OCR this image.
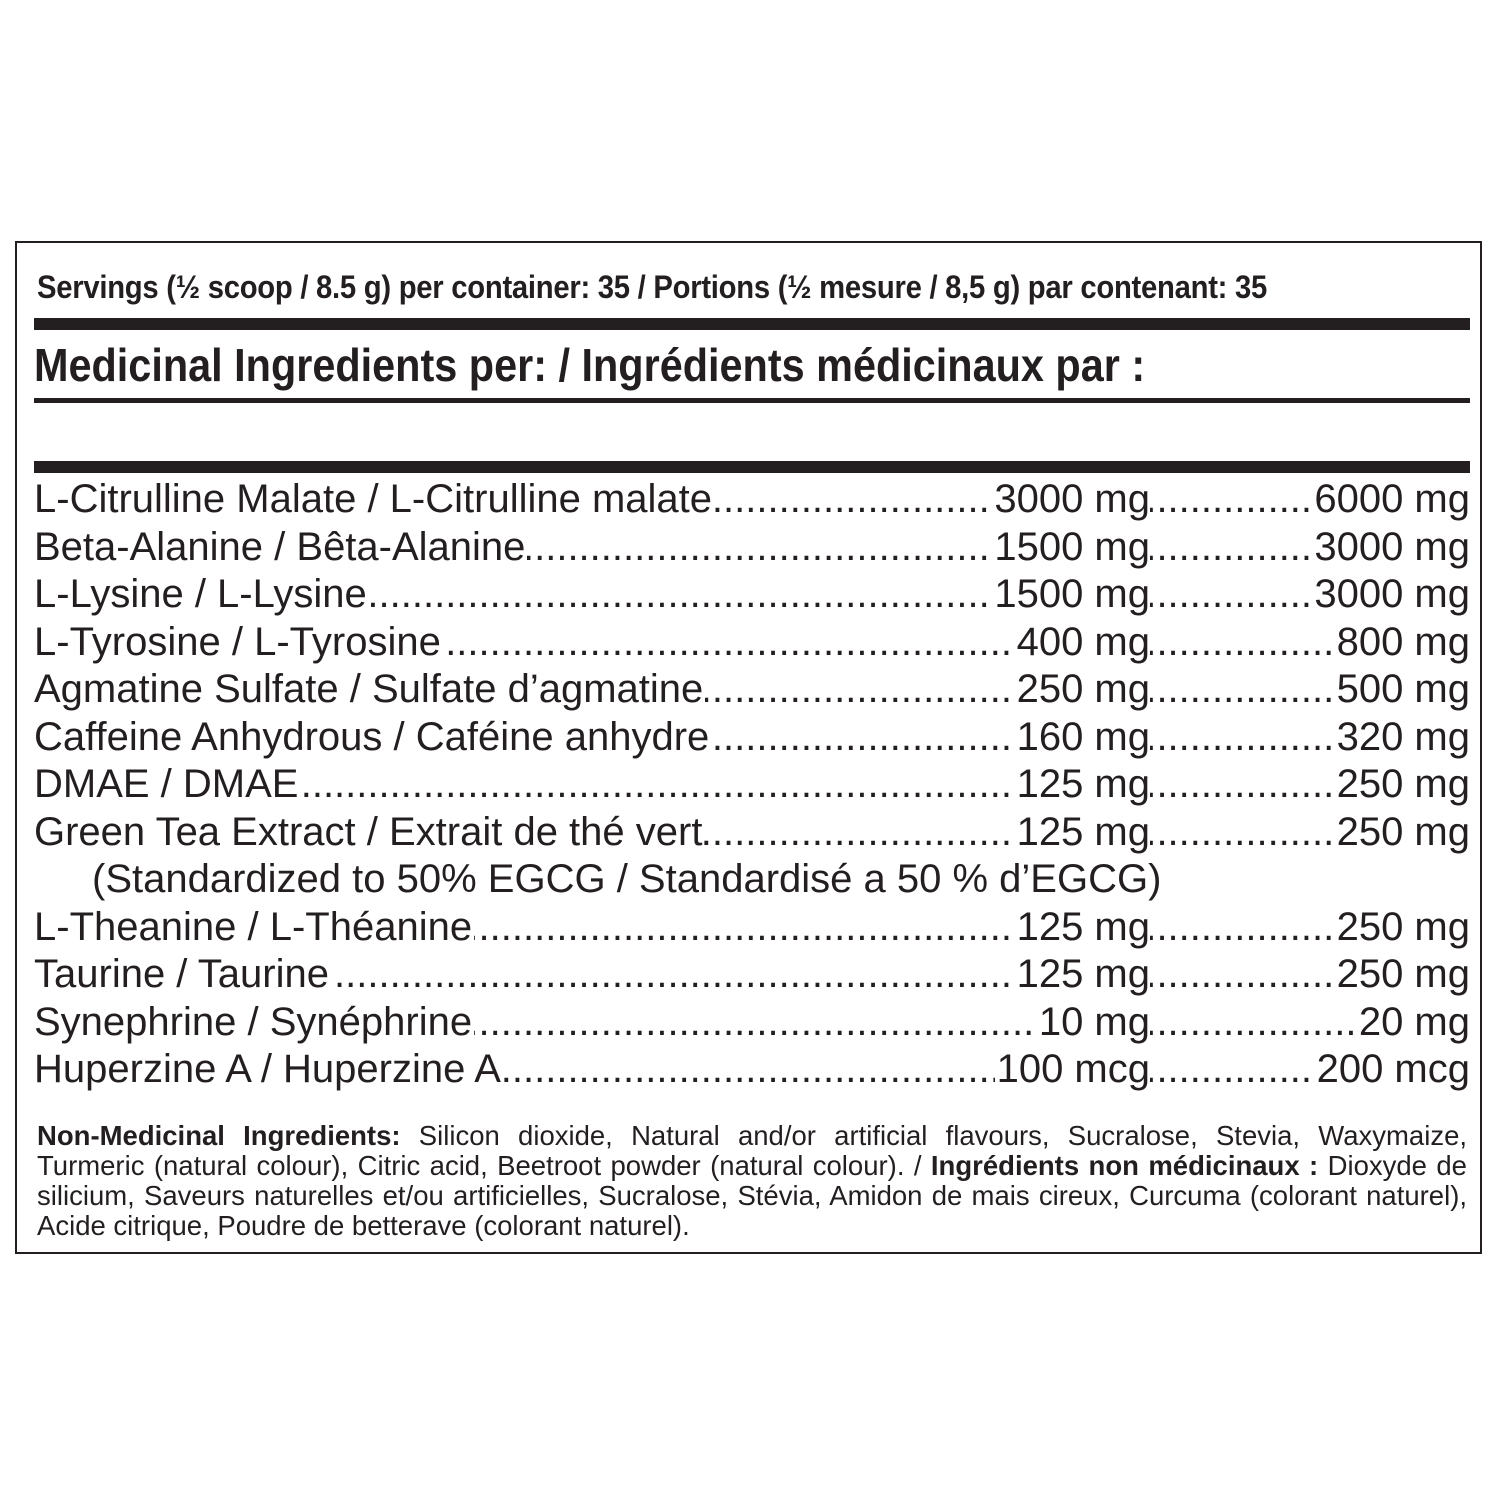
Servings (½ scoop / 8.5 g) per container: 35 / Portions (½ mesure / 8,5 g) par contenant: 35
Medicinal Ingredients per: / Ingrédients médicinaux par :
.....
L-Citrulline Malate / L-Citrulline malate	3000 mg	6000 mg
.....
Beta-Alanine / Bêta-Alanine	1500 mg	3000 mg
.....
L-Lysine / L-Lysine	1500 mg	3000 mg
.....
L-Tyrosine / L-Tyrosine	400 mg	800 mg
.....
Agmatine Sulfate / Sulfate d’agmatine	250 mg	500 mg
.....
Caffeine Anhydrous / Caféine anhydre	160 mg	320 mg
.....
DMAE / DMAE	125 mg	250 mg
.....
Green Tea Extract / Extrait de thé vert	125 mg	250 mg
(Standardized to 50% EGCG / Standardisé a 50 % d’EGCG)
.....
L-Theanine / L-Théanine	125 mg	250 mg
.....
Taurine / Taurine	125 mg	250 mg
.....
Synephrine / Synéphrine	10 mg	20 mg
.....
Huperzine A / Huperzine A	100 mcg	200 mcg
Non-Medicinal Ingredients: Silicon dioxide, Natural and/or artificial flavours, Sucralose, Stevia, Waxymaize, Turmeric (natural colour), Citric acid, Beetroot powder (natural colour). / Ingrédients non médicinaux : Dioxyde de silicium, Saveurs naturelles et/ou artificielles, Sucralose, Stévia, Amidon de mais cireux, Curcuma (colorant naturel), Acide citrique, Poudre de betterave (colorant naturel).
